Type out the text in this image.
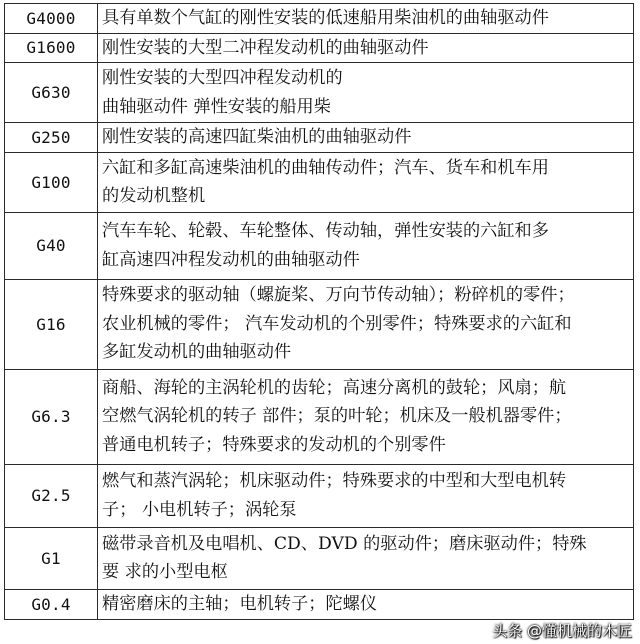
G4000	具有单数个气缸的刚性安装的低速船用柴油机的曲轴驱动件

G1600	刚性安装的大型二冲程发动机的曲轴驱动件

G630	刚性安装的大型四冲程发动机的
曲轴驱动件 弹性安装的船用柴

G250	刚性安装的高速四缸柴油机的曲轴驱动件

G100	六缸和多缸高速柴油机的曲轴传动件；汽车、货车和机车用
的发动机整机

G40	汽车车轮、轮毂、车轮整体、传动轴，弹性安装的六缸和多
缸高速四冲程发动机的曲轴驱动件

G16	特殊要求的驱动轴（螺旋桨、万向节传动轴）；粉碎机的零件；
农业机械的零件； 汽车发动机的个别零件；特殊要求的六缸和
多缸发动机的曲轴驱动件

G6.3	商船、海轮的主涡轮机的齿轮；高速分离机的鼓轮；风扇；航
空燃气涡轮机的转子 部件；泵的叶轮；机床及一般机器零件；
普通电机转子；特殊要求的发动机的个别零件

G2.5	燃气和蒸汽涡轮；机床驱动件；特殊要求的中型和大型电机转
子； 小电机转子；涡轮泵

G1	磁带录音机及电唱机、CD、DVD 的驱动件；磨床驱动件；特殊
要 求的小型电枢

G0.4	精密磨床的主轴；电机转子；陀螺仪
头条 @懂机械的木匠
